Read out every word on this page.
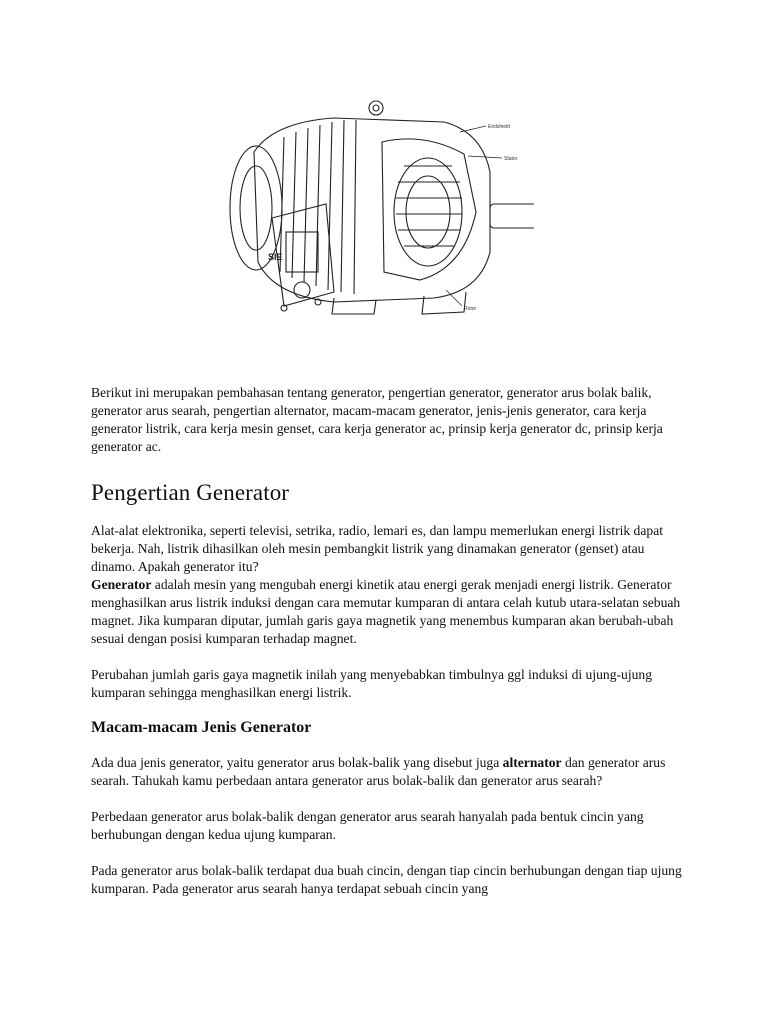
Endshield
Stator
Rotor
SIE

Berikut ini merupakan pembahasan tentang generator, pengertian generator, generator arus bolak balik, generator arus searah, pengertian alternator, macam-macam generator, jenis-jenis generator, cara kerja generator listrik, cara kerja mesin genset, cara kerja generator ac, prinsip kerja generator dc, prinsip kerja generator ac.

Pengertian Generator

Alat-alat elektronika, seperti televisi, setrika, radio, lemari es, dan lampu memerlukan energi listrik dapat bekerja. Nah, listrik dihasilkan oleh mesin pembangkit listrik yang dinamakan generator (genset) atau dinamo. Apakah generator itu?

Generator adalah mesin yang mengubah energi kinetik atau energi gerak menjadi energi listrik. Generator menghasilkan arus listrik induksi dengan cara memutar kumparan di antara celah kutub utara-selatan sebuah magnet. Jika kumparan diputar, jumlah garis gaya magnetik yang menembus kumparan akan berubah-ubah sesuai dengan posisi kumparan terhadap magnet.

Perubahan jumlah garis gaya magnetik inilah yang menyebabkan timbulnya ggl induksi di ujung-ujung kumparan sehingga menghasilkan energi listrik.

Macam-macam Jenis Generator

Ada dua jenis generator, yaitu generator arus bolak-balik yang disebut juga alternator dan generator arus searah. Tahukah kamu perbedaan antara generator arus bolak-balik dan generator arus searah?

Perbedaan generator arus bolak-balik dengan generator arus searah hanyalah pada bentuk cincin yang berhubungan dengan kedua ujung kumparan.

Pada generator arus bolak-balik terdapat dua buah cincin, dengan tiap cincin berhubungan dengan tiap ujung kumparan. Pada generator arus searah hanya terdapat sebuah cincin yang
